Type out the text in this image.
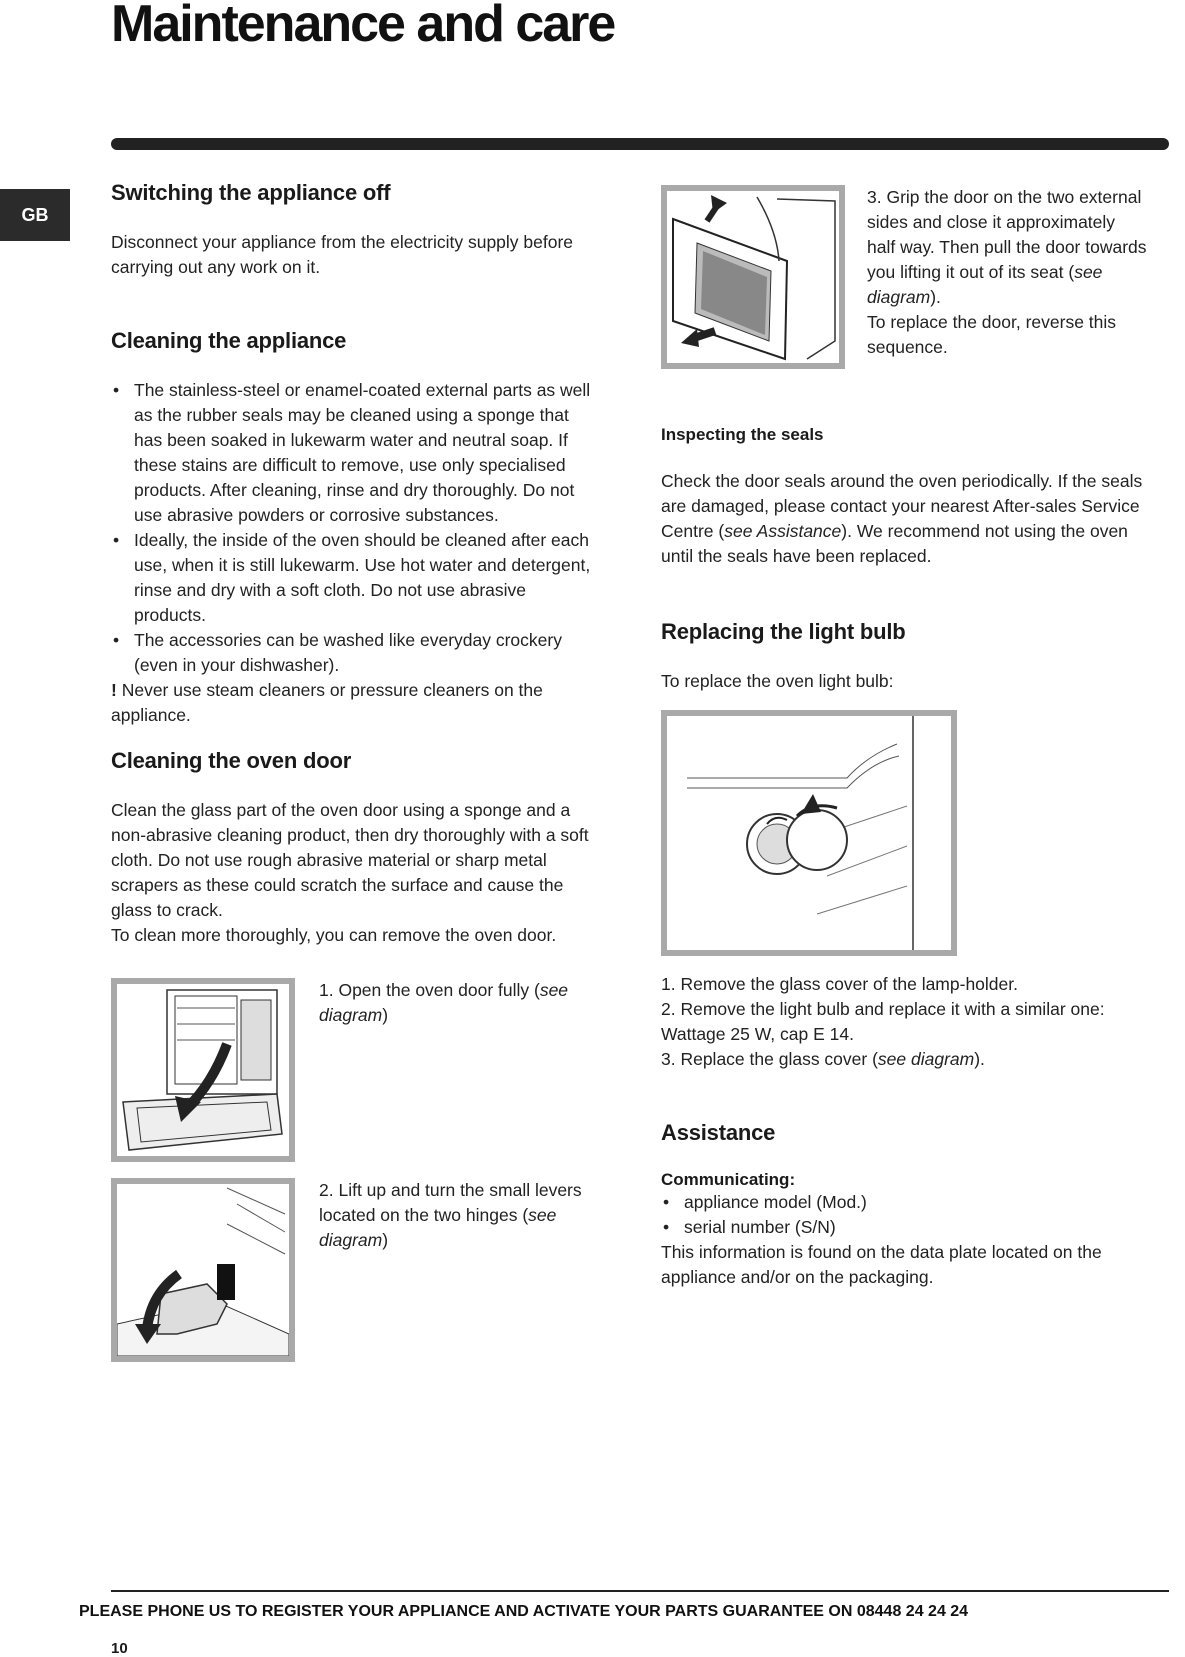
Maintenance and care
GB
Switching the appliance off

Disconnect your appliance from the electricity supply before carrying out any work on it.

Cleaning the appliance
• The stainless-steel or enamel-coated external parts as well as the rubber seals may be cleaned using a sponge that has been soaked in lukewarm water and neutral soap. If these stains are difficult to remove, use only specialised products. After cleaning, rinse and dry thoroughly. Do not use abrasive powders or corrosive substances.
• Ideally, the inside of the oven should be cleaned after each use, when it is still lukewarm. Use hot water and detergent, rinse and dry with a soft cloth. Do not use abrasive products.
• The accessories can be washed like everyday crockery (even in your dishwasher).

! Never use steam cleaners or pressure cleaners on the appliance.

Cleaning the oven door

Clean the glass part of the oven door using a sponge and a non-abrasive cleaning product, then dry thoroughly with a soft cloth. Do not use rough abrasive material or sharp metal scrapers as these could scratch the surface and cause the glass to crack.

To clean more thoroughly, you can remove the oven door.

1. Open the oven door fully (see diagram)

2. Lift up and turn the small levers located on the two hinges (see diagram)

3. Grip the door on the two external sides and close it approximately half way. Then pull the door towards you lifting it out of its seat (see diagram).
To replace the door, reverse this sequence.

Inspecting the seals

Check the door seals around the oven periodically. If the seals are damaged, please contact your nearest After-sales Service Centre (see Assistance). We recommend not using the oven until the seals have been replaced.

Replacing the light bulb

To replace the oven light bulb:

1. Remove the glass cover of the lamp-holder.

2. Remove the light bulb and replace it with a similar one: Wattage 25 W, cap E 14.

3. Replace the glass cover (see diagram).

Assistance
Communicating:
• appliance model (Mod.)
• serial number (S/N)

This information is found on the data plate located on the appliance and/or on the packaging.

PLEASE PHONE US TO REGISTER YOUR APPLIANCE AND ACTIVATE YOUR PARTS GUARANTEE ON 08448 24 24 24
10
